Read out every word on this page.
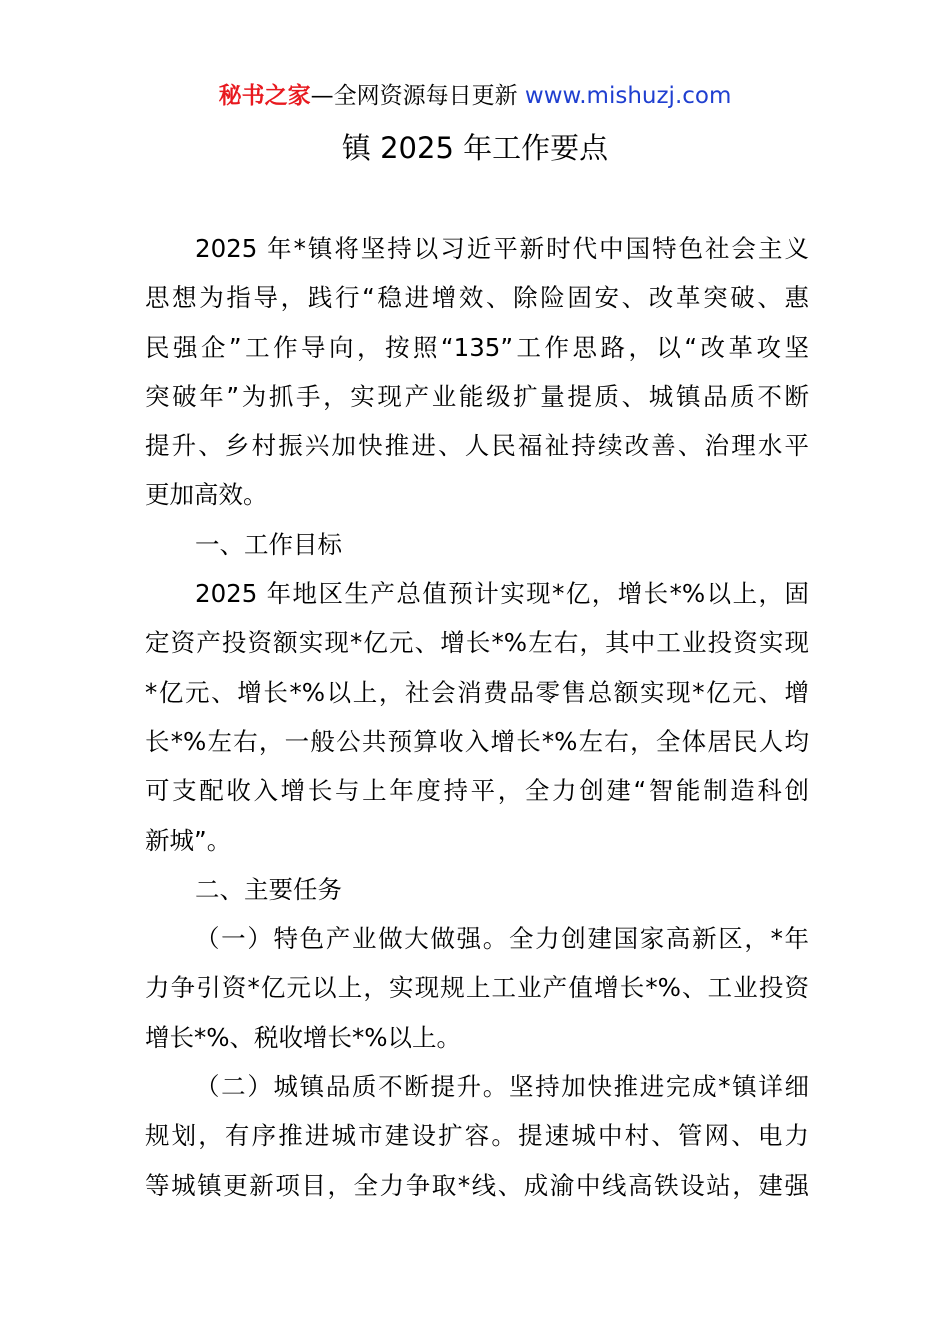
秘书之家—全网资源每日更新 www.mishuzj.com
镇 2025 年工作要点
2025 年*镇将坚持以习近平新时代中国特色社会主义
思想为指导，践行“稳进增效、除险固安、改革突破、惠
民强企”工作导向，按照“135”工作思路，以“改革攻坚
突破年”为抓手，实现产业能级扩量提质、城镇品质不断
提升、乡村振兴加快推进、人民福祉持续改善、治理水平
更加高效。
一、工作目标
2025 年地区生产总值预计实现*亿，增长*%以上，固
定资产投资额实现*亿元、增长*%左右，其中工业投资实现
*亿元、增长*%以上，社会消费品零售总额实现*亿元、增
长*%左右，一般公共预算收入增长*%左右，全体居民人均
可支配收入增长与上年度持平，全力创建“智能制造科创
新城”。
二、主要任务
（一）特色产业做大做强。全力创建国家高新区，*年
力争引资*亿元以上，实现规上工业产值增长*%、工业投资
增长*%、税收增长*%以上。
（二）城镇品质不断提升。坚持加快推进完成*镇详细
规划，有序推进城市建设扩容。提速城中村、管网、电力
等城镇更新项目，全力争取*线、成渝中线高铁设站，建强
